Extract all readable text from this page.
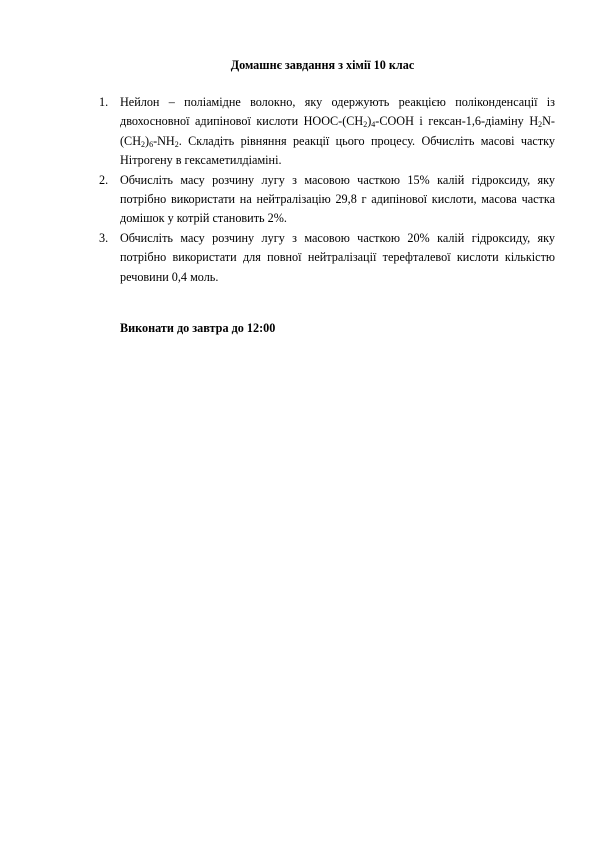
Домашнє завдання з хімії 10 клас
1. Нейлон – поліамідне волокно, яку одержують реакцією поліконденсації із двохосновної адипінової кислоти HOOC-$(CH_2)_4$-COOH і гексан-1,6-діаміну $H_2N-(CH_2)_6-NH_2$. Складіть рівняння реакції цього процесу. Обчисліть масові частку Нітрогену в гексаметилдіаміні.
2. Обчисліть масу розчину лугу з масовою часткою 15% калій гідроксиду, яку потрібно використати на нейтралізацію 29,8 г адипінової кислоти, масова частка домішок у котрій становить 2%.
3. Обчисліть масу розчину лугу з масовою часткою 20% калій гідроксиду, яку потрібно використати для повної нейтралізації терефталевої кислоти кількістю речовини 0,4 моль.
Виконати до завтра до 12:00
